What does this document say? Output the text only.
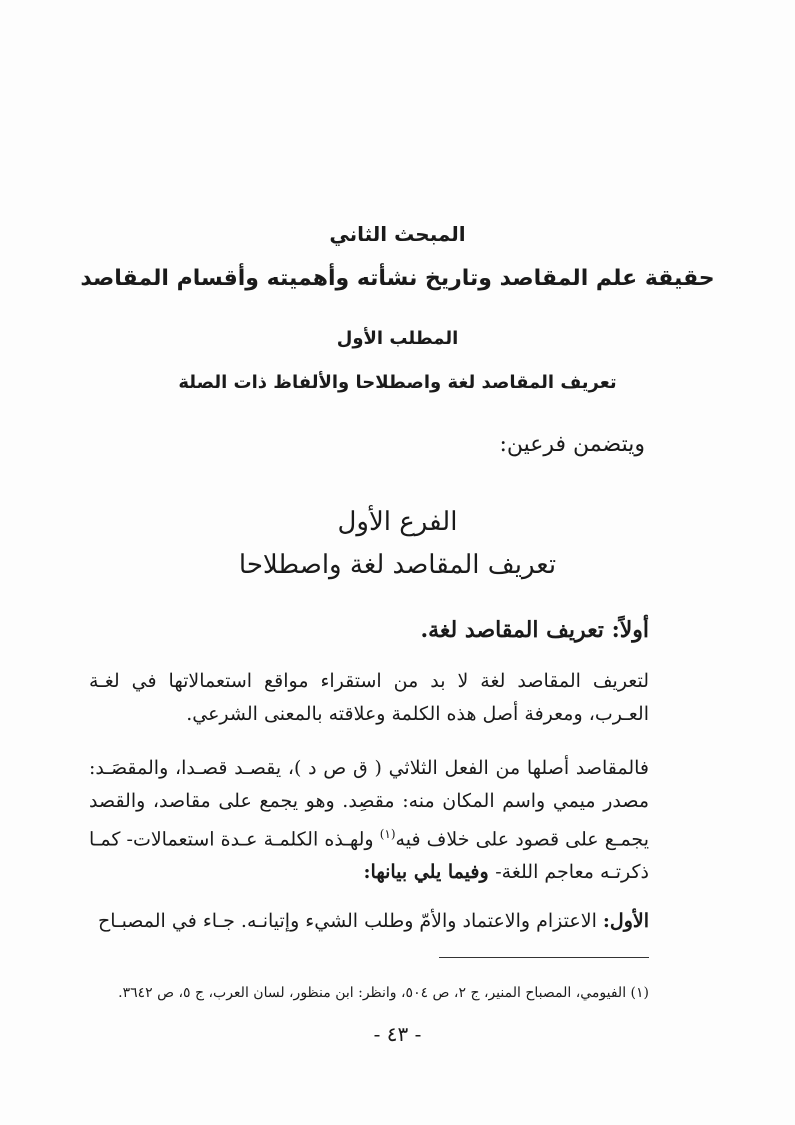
المبحث الثاني
حقيقة علم المقاصد وتاريخ نشأته وأهميته وأقسام المقاصد
المطلب الأول
تعريف المقاصد لغة واصطلاحا والألفاظ ذات الصلة
ويتضمن فرعين:
الفرع الأول
تعريف المقاصد لغة واصطلاحا
أولاً: تعريف المقاصد لغة.
لتعريف المقاصد لغة لا بد من استقراء مواقع استعمالاتها في لغـة العـرب، ومعرفة أصل هذه الكلمة وعلاقته بالمعنى الشرعي.
فالمقاصد أصلها من الفعل الثلاثي ( ق ص د )، يقصـد قصـدا، والمقصَـد: مصدر ميمي واسم المكان منه: مقصِد. وهو يجمع على مقاصد، والقصد يجمـع على قصود على خلاف فيه$^{(١)}$ ولهـذه الكلمـة عـدة استعمالات- كمـا ذكرتـه معاجم اللغة- وفيما يلي بيانها:
الأول: الاعتزام والاعتماد والأمّ وطلب الشيء وإتيانـه. جـاء في المصبـاح
(١) الفيومي، المصباح المنير، ج ٢، ص ٥٠٤، وانظر: ابن منظور، لسان العرب، ج ٥، ص ٣٦٤٢.
- ٤٣ -
